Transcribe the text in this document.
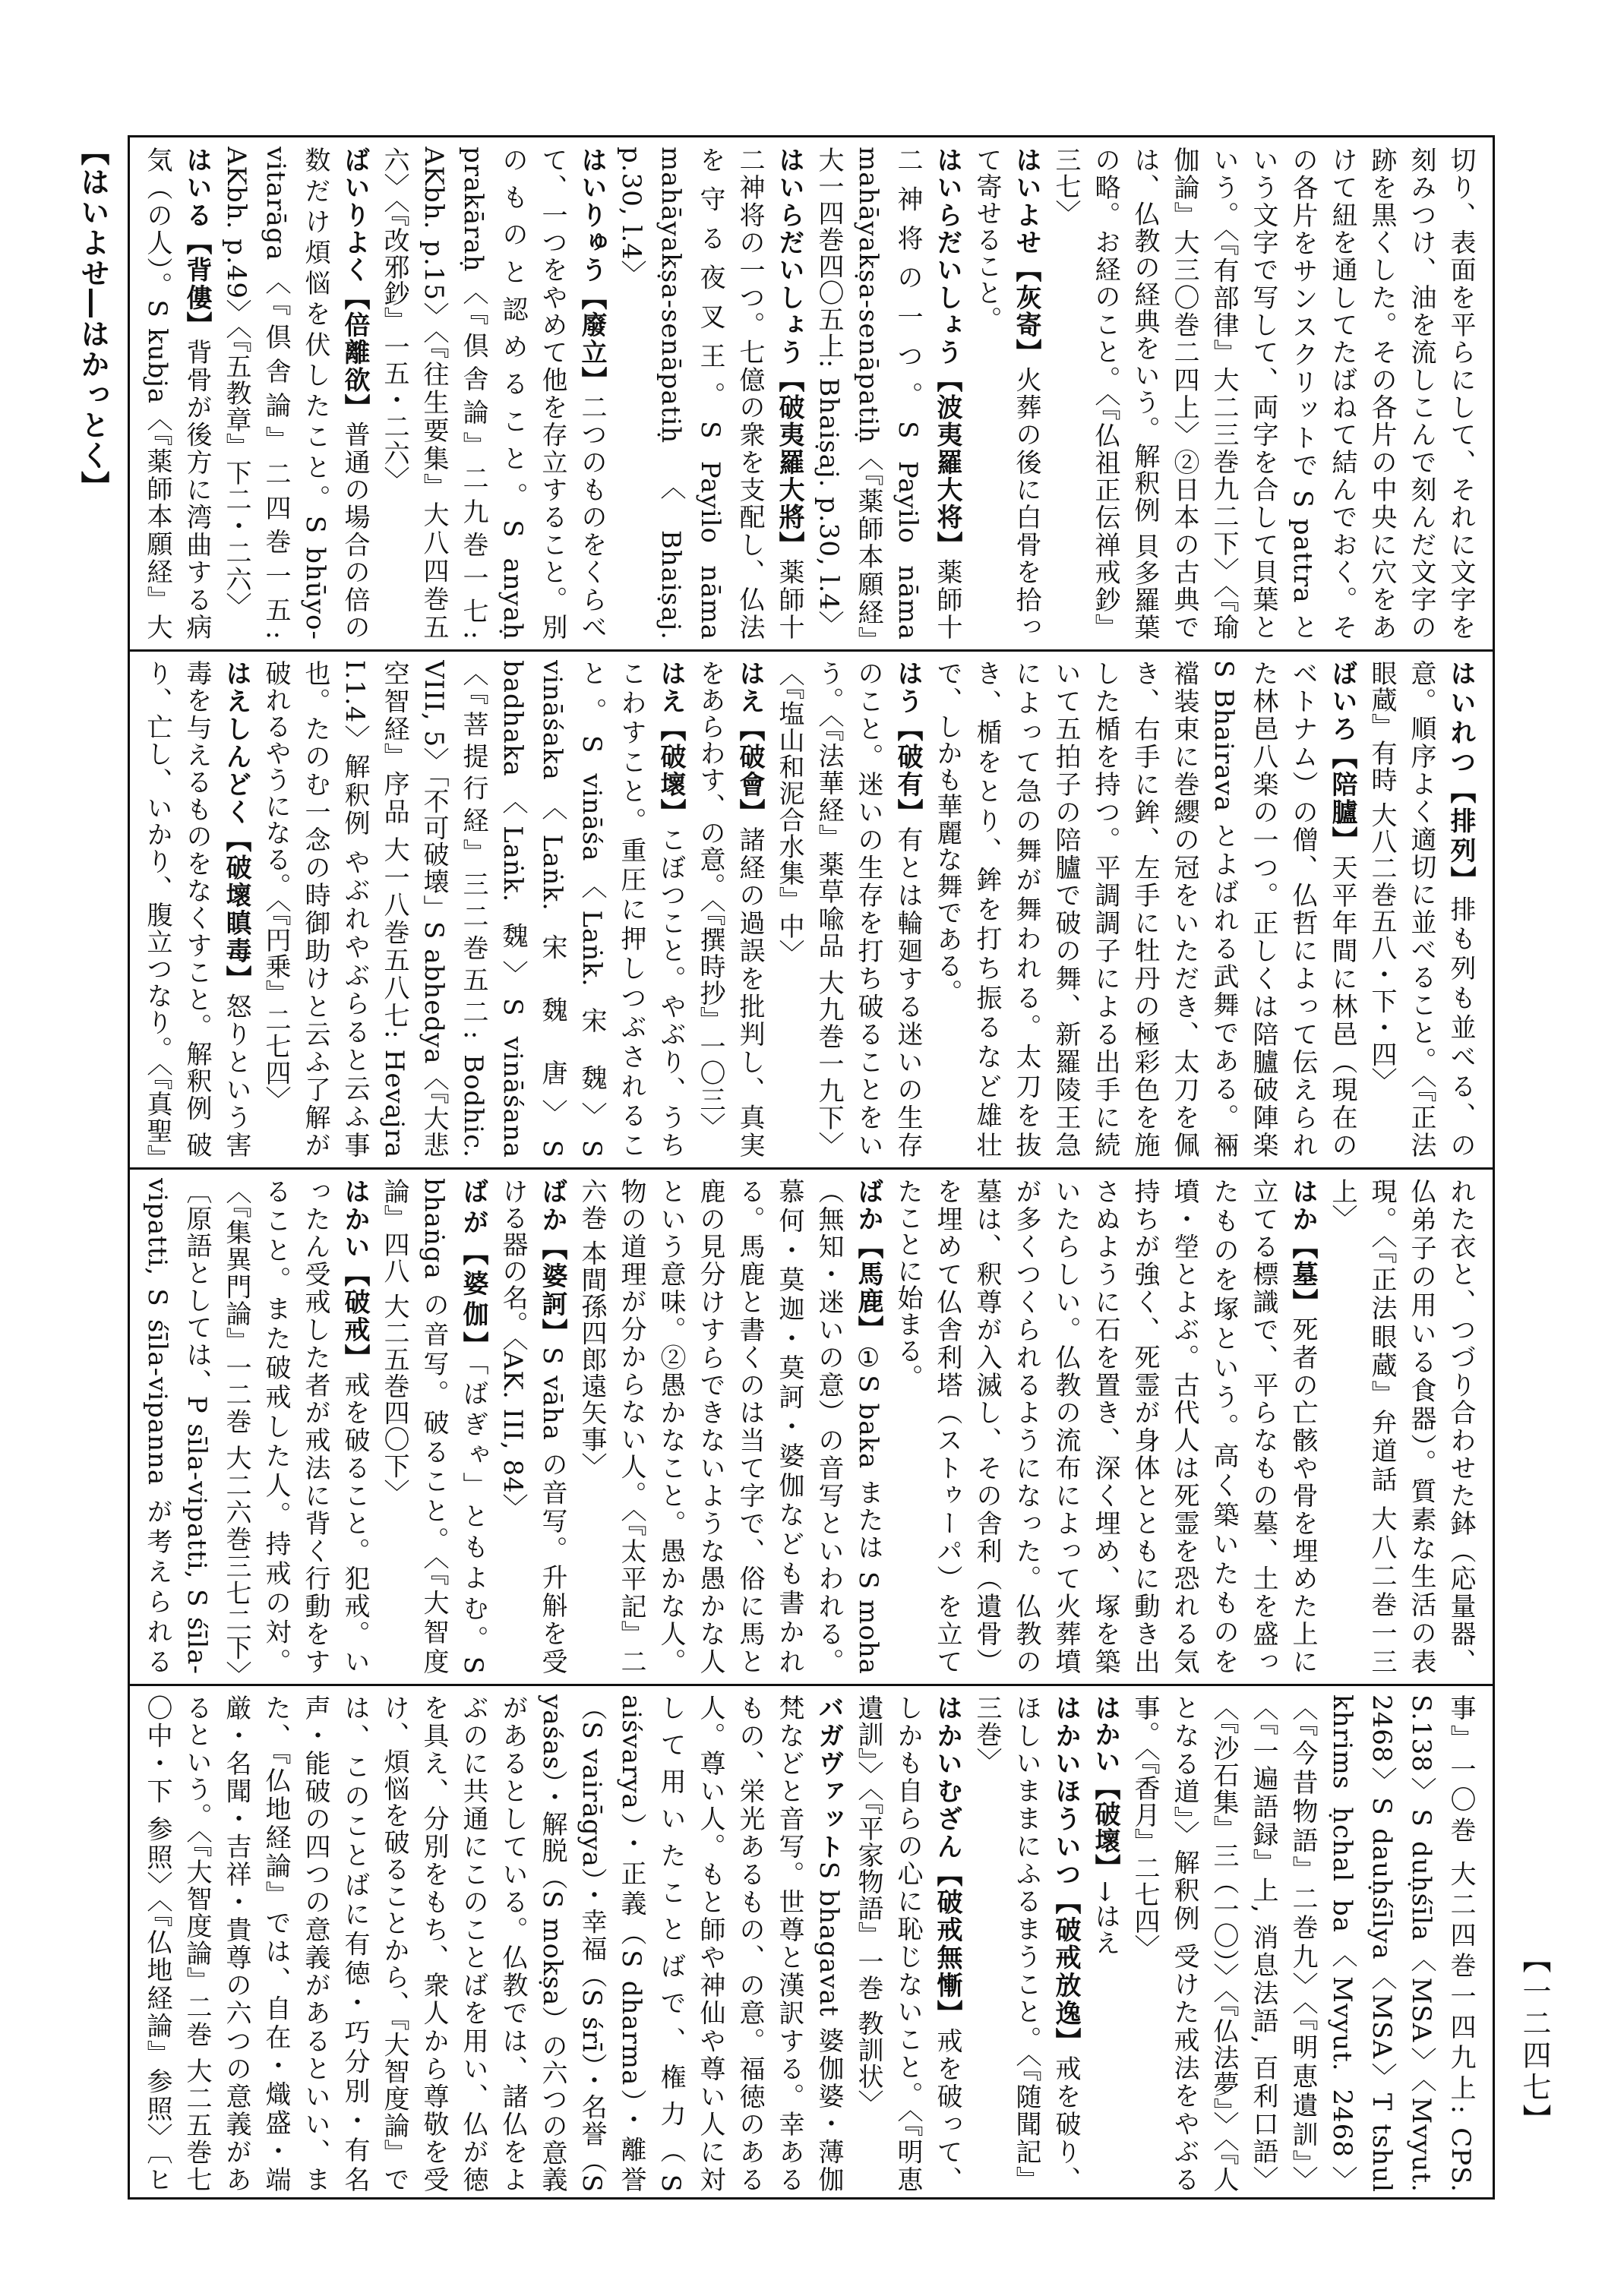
【はいよせ―はかっとく】	切り、表面を平らにして、それに文字を刻みつけ、油を流しこんで刻んだ文字の跡を黒くした。その各片の中央に穴をあけて紐を通してたばねて結んでおく。その各片をサンスクリットで S pattra という文字で写して、両字を合して貝葉という。〈『有部律』大二三巻九二下〉〈『瑜伽論』大三〇巻二四上〉②日本の古典では、仏教の経典をいう。解釈例 貝多羅葉の略。お経のこと。〈『仏祖正伝禅戒鈔』三七〉
はいよせ【灰寄】火葬の後に白骨を拾って寄せること。
はいらだいしょう【波夷羅大将】薬師十二神将の一つ。S Payilo nāma mahāyakṣa-senāpatiḥ〈『薬師本願経』大一四巻四〇五上: Bhaiṣaj. p.30, l.4〉
はいらだいしょう【破夷羅大將】薬師十二神将の一つ。七億の衆を支配し、仏法を守る夜叉王。S Payilo nāma mahāyakṣa-senāpatiḥ〈Bhaiṣaj. p.30, l.4〉
はいりゅう【廢立】二つのものをくらべて、一つをやめて他を存立すること。別のものと認めること。S anyaḥ prakāraḥ〈『倶舎論』二九巻一七: AKbh. p.15〉〈『往生要集』大八四巻五六〉〈『改邪鈔』一五・二六〉
ばいりよく【倍離欲】普通の場合の倍の数だけ煩悩を伏したこと。S bhūyo-vitarāga〈『倶舎論』二四巻一五: AKbh. p.49〉〈『五教章』下二・二六〉
はいる【背僂】背骨が後方に湾曲する病気（の人）。S kubja〈『薬師本願経』大
はいれつ【排列】排も列も並べる、の意。順序よく適切に並べること。〈『正法眼蔵』有時 大八二巻五八・下・四〉
ばいろ【陪臚】天平年間に林邑（現在のベトナム）の僧、仏哲によって伝えられた林邑八楽の一つ。正しくは陪臚破陣楽 S Bhairava とよばれる武舞である。裲襠装束に巻纓の冠をいただき、太刀を佩き、右手に鉾、左手に牡丹の極彩色を施した楯を持つ。平調調子による出手に続いて五拍子の陪臚で破の舞、新羅陵王急によって急の舞が舞われる。太刀を抜き、楯をとり、鉾を打ち振るなど雄壮で、しかも華麗な舞である。
はう【破有】有とは輪廻する迷いの生存のこと。迷いの生存を打ち破ることをいう。〈『法華経』薬草喩品 大九巻一九下〉〈『塩山和泥合水集』中〉
はえ【破會】諸経の過誤を批判し、真実をあらわす、の意。〈『撰時抄』一〇三〉
はえ【破壞】こぼつこと。やぶり、うちこわすこと。重圧に押しつぶされること。S vināśa〈Laṅk. 宋 魏〉S vināśaka〈Laṅk. 宋 魏 唐〉S badhaka〈Laṅk. 魏〉S vināśana〈『菩提行経』三二巻五二: Bodhic. VIII, 5〉「不可破壊」S abhedya〈『大悲空智経』序品 大一八巻五八七: Hevajra I.1.4〉解釈例 やぶれやぶらると云ふ事也。たのむ一念の時御助けと云ふ了解が破れるやうになる。〈『円乗』二七四〉
はえしんどく【破壞瞋毒】怒りという害毒を与えるものをなくすこと。解釈例 破り、亡し、いかり、腹立つなり。〈『真聖』
れた衣と、つづり合わせた鉢（応量器、仏弟子の用いる食器）。質素な生活の表現。〈『正法眼蔵』弁道話 大八二巻一三上〉
はか【墓】死者の亡骸や骨を埋めた上に立てる標識で、平らなもの墓、土を盛ったものを塚という。高く築いたものを墳・塋とよぶ。古代人は死霊を恐れる気持ちが強く、死霊が身体とともに動き出さぬように石を置き、深く埋め、塚を築いたらしい。仏教の流布によって火葬墳が多くつくられるようになった。仏教の墓は、釈尊が入滅し、その舎利（遺骨）を埋めて仏舎利塔（ストゥーパ）を立てたことに始まる。
ばか【馬鹿】①S baka または S moha（無知・迷いの意）の音写といわれる。慕何・莫迦・莫訶・婆伽なども書かれる。馬鹿と書くのは当て字で、俗に馬と鹿の見分けすらできないような愚かな人という意味。②愚かなこと。愚かな人。物の道理が分からない人。〈『太平記』二六巻 本間孫四郎遠矢事〉
ばか【婆訶】S vāha の音写。升斛を受ける器の名。〈AK. III, 84〉
ばが【婆伽】「ばぎゃ」ともよむ。S bhaṅga の音写。破ること。〈『大智度論』四八 大二五巻四〇下〉
はかい【破戒】戒を破ること。犯戒。いったん受戒した者が戒法に背く行動をすること。また破戒した人。持戒の対。〈『集異門論』一二巻 大二六巻三七二下〉〔原語としては、P sīla-vipatti, S śīla-vipatti, S śīla-vipanna が考えられる
事』一〇巻 大二四巻一四九上: CPS. S.138〉S duḥśīla〈MSA〉〈Mvyut. 2468〉S dauḥśīlya〈MSA〉T tshul khrims ḥchal ba〈Mvyut. 2468〉〈『今昔物語』二巻九〉〈『明恵遺訓』〉〈『一遍語録』上, 消息法語, 百利口語〉〈『沙石集』三（一〇）〉〈『仏法夢』〉〈『人となる道』〉解釈例 受けた戒法をやぶる事。〈『香月』二七四〉
はかい【破壞】→はえ
はかいほういつ【破戒放逸】戒を破り、ほしいままにふるまうこと。〈『随聞記』三巻〉
はかいむざん【破戒無慚】戒を破って、しかも自らの心に恥じないこと。〈『明恵遺訓』〉〈『平家物語』一巻 教訓状〉
バガヴァットS bhagavat 婆伽婆・薄伽梵などと音写。世尊と漢訳する。幸あるもの、栄光あるもの、の意。福徳のある人。尊い人。もと師や神仙や尊い人に対して用いたことばで、権力（S aiśvarya）・正義（S dharma）・離誉（S vairāgya）・幸福（S śrī）・名誉（S yaśas）・解脱（S mokṣa）の六つの意義があるとしている。仏教では、諸仏をよぶのに共通にこのことばを用い、仏が徳を具え、分別をもち、衆人から尊敬を受け、煩悩を破ることから、『大智度論』では、このことばに有徳・巧分別・有名声・能破の四つの意義があるといい、また、『仏地経論』では、自在・熾盛・端厳・名聞・吉祥・貴尊の六つの意義があるという。〈『大智度論』二巻 大二五巻七〇中・下 参照〉〈『仏地経論』参照〉〔ヒ
【一二四七】
